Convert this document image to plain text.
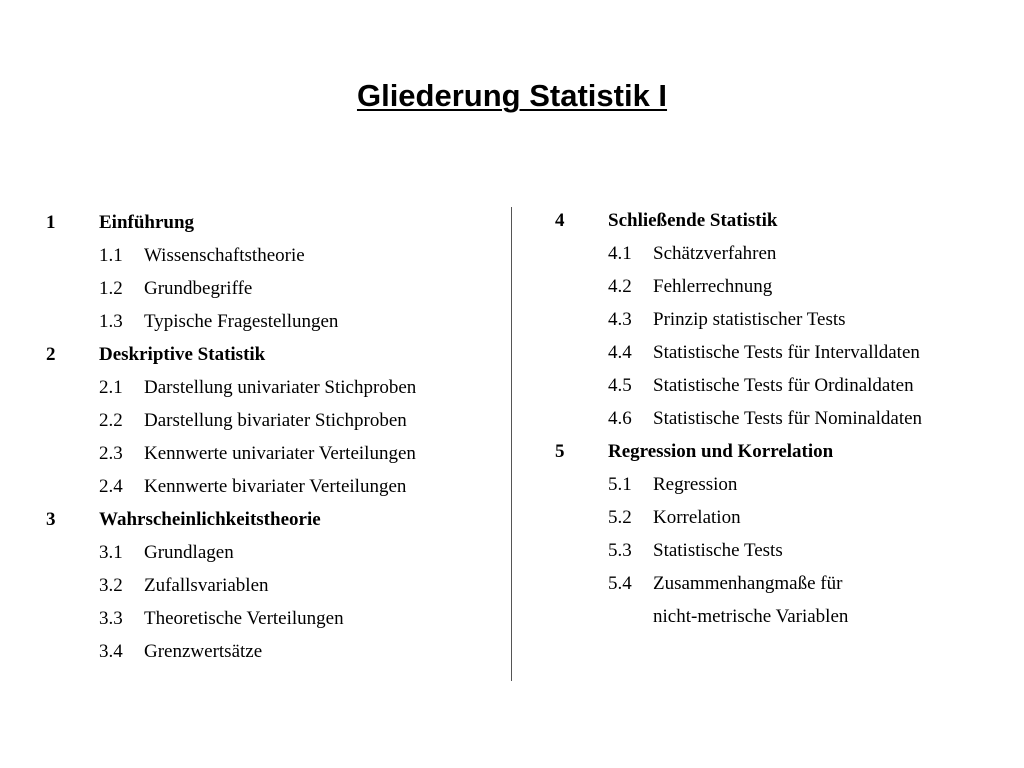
Gliederung Statistik I
1	Einführung
1.1	Wissenschaftstheorie
1.2	Grundbegriffe
1.3	Typische Fragestellungen
2	Deskriptive Statistik
2.1	Darstellung univariater Stichproben
2.2	Darstellung bivariater Stichproben
2.3	Kennwerte univariater Verteilungen
2.4	Kennwerte bivariater Verteilungen
3	Wahrscheinlichkeitstheorie
3.1	Grundlagen
3.2	Zufallsvariablen
3.3	Theoretische Verteilungen
3.4	Grenzwertsätze
4	Schließende Statistik
4.1	Schätzverfahren
4.2	Fehlerrechnung
4.3	Prinzip statistischer Tests
4.4	Statistische Tests für Intervalldaten
4.5	Statistische Tests für Ordinaldaten
4.6	Statistische Tests für Nominaldaten
5	Regression und Korrelation
5.1	Regression
5.2	Korrelation
5.3	Statistische Tests
5.4	Zusammenhangmaße für
nicht-metrische Variablen
